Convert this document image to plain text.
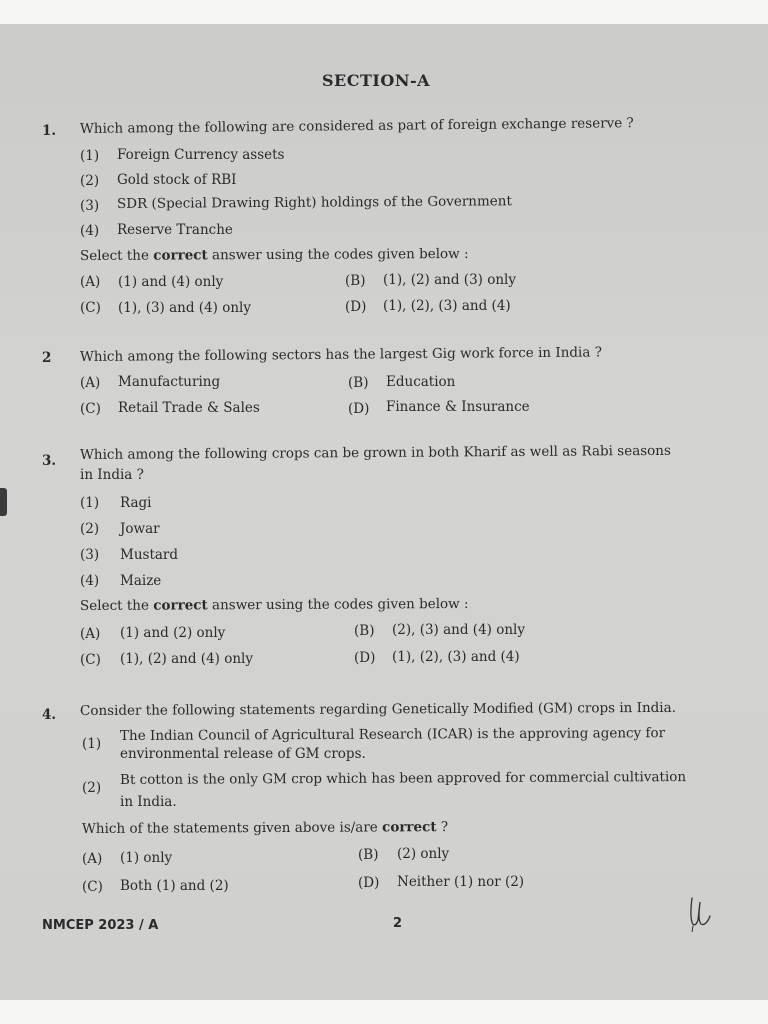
SECTION-A
1. Which among the following are considered as part of foreign exchange reserve ?
(1) Foreign Currency assets
(2) Gold stock of RBI
(3) SDR (Special Drawing Right) holdings of the Government
(4) Reserve Tranche
Select the correct answer using the codes given below :
(A) (1) and (4) only	(B) (1), (2) and (3) only
(C) (1), (3) and (4) only	(D) (1), (2), (3) and (4)
2 Which among the following sectors has the largest Gig work force in India ?
(A) Manufacturing	(B) Education
(C) Retail Trade & Sales	(D) Finance & Insurance
3. Which among the following crops can be grown in both Kharif as well as Rabi seasons
in India ?
(1) Ragi
(2) Jowar
(3) Mustard
(4) Maize
Select the correct answer using the codes given below :
(A) (1) and (2) only	(B) (2), (3) and (4) only
(C) (1), (2) and (4) only	(D) (1), (2), (3) and (4)
4. Consider the following statements regarding Genetically Modified (GM) crops in India.
(1)
The Indian Council of Agricultural Research (ICAR) is the approving agency for
environmental release of GM crops.
(2)
Bt cotton is the only GM crop which has been approved for commercial cultivation
in India.
Which of the statements given above is/are correct ?
(A) (1) only	(B) (2) only
(C) Both (1) and (2)	(D) Neither (1) nor (2)
NMCEP 2023 / A	2
